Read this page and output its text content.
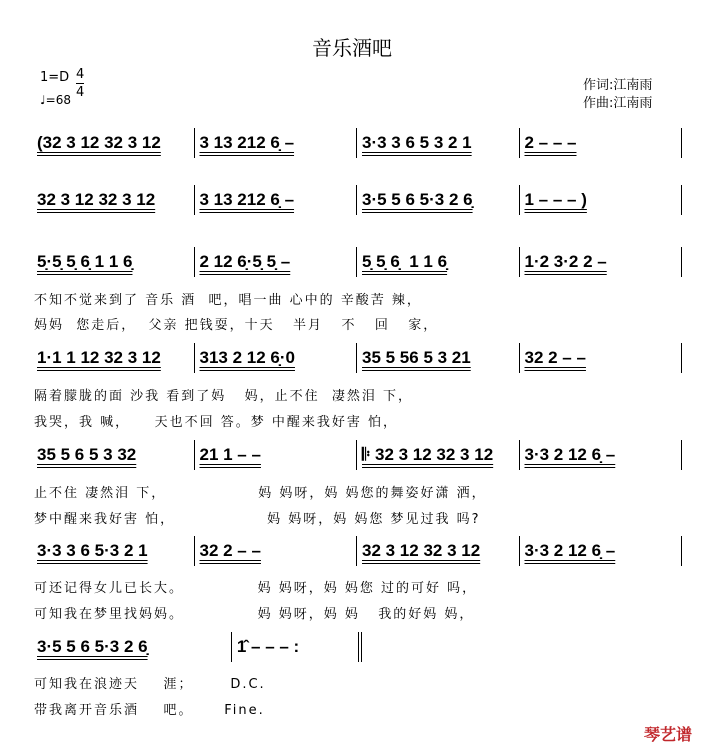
音乐酒吧
1=D 4
4
♩=68
作词:江南雨
作曲:江南雨
(32 3 12 32 3 12	3 13 212 6̣ –	3·3 3 6 5 3 2 1	2 – – –
32 3 12 32 3 12	3 13 212 6̣ –	3·5 5 6 5·3 2 6̣	1 – – – )
5̣·5̣ 5̣ 6̣ 1 1 6̣	2 12 6̣·5̣ 5̣ –	5̣ 5̣ 6̣  1 1 6̣	1·2 3·2 2 –
不知不觉来到了 音乐 酒  吧，唱一曲 心中的 辛酸苦 辣，
妈妈  您走后，  父亲 把钱耍，十天   半月   不   回   家，
1·1 1 12 32 3 12	313 2 12 6̣·0	35 5 56 5 3 21	32 2 – –
隔着朦胧的面 沙我 看到了妈   妈，止不住  凄然泪 下，
我哭，我 喊，    天也不回 答。梦 中醒来我好害 怕，
35 5 6 5 3 32	21 1 – –	𝄆 32 3 12 32 3 12	3·3 2 12 6̣ –
止不住 凄然泪 下，               妈 妈呀，妈 妈您的舞姿好潇 洒，
梦中醒来我好害 怕，               妈 妈呀，妈 妈您 梦见过我 吗?
3·3 3 6 5·3 2 1	32 2 – –	32 3 12 32 3 12	3·3 2 12 6̣ –
可还记得女儿已长大。            妈 妈呀，妈 妈您 过的可好 吗，
可知我在梦里找妈妈。            妈 妈呀，妈 妈   我的好妈 妈，
3·5 5 6 5·3 2 6̣	1̂ – – – :
可知我在浪迹天    涯；      D.C.
带我离开音乐酒    吧。     Fine.
琴艺谱
